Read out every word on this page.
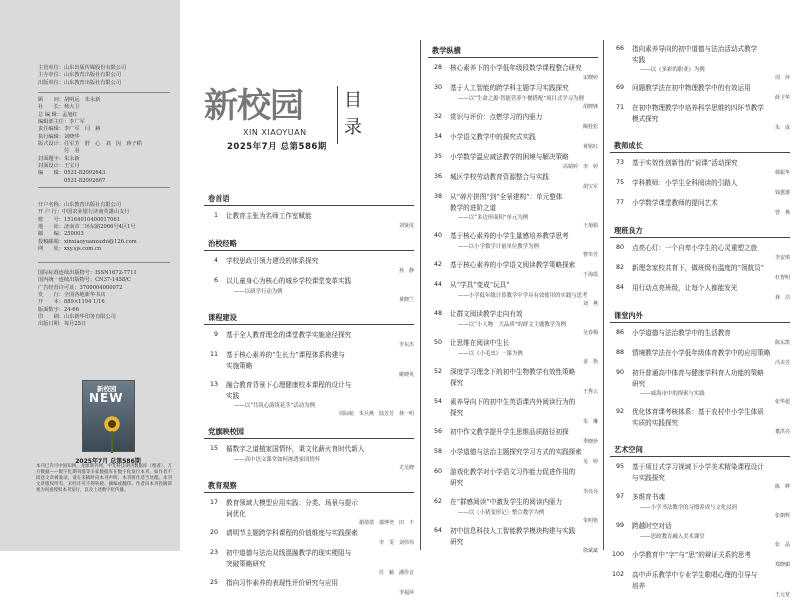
主管单位：山东出版传媒股份有限公司
主办单位：山东教育出版社有限公司
出版单位：山东教育出版社有限公司
顾　　问：胡明远　朱永新
社　　长：杨大卫
总 编 辑：孟旭红
编辑部主任：李广军
责任编辑：李广军　闫　赫
执行编辑：刘晓华
版式设计：任军芳　舒　心　刘　因　蒋子稻
　　　　　付　羽
封面题字：朱永新
封面设计：王宝月
编　　辑：0531-82092643
　　　　　0531-82092667
开户名称：山东教育出版社有限公司
开 户 行：中国农业银行济南英雄山支行
账　　号：15164010400017061
地　　址：济南市二环东路2066号4区1号
邮　　编：250003
投稿邮箱：xinxiaoyuanzazhi@126.com
网　　址：xxy.sjs.com.cn
国际标准连续出版物号：ISSN1672-7711
国内统一连续出版物号：CN37-1458/C
广告经营许可证：3700004000072
发　　行：全国各地新华书店
开　　本：889×1194 1/16
版面数字：24-66
印　　刷：山东新华印务有限公司
出版日期：每月25日
新校园
NEW
2025年7月 总第586期
本刊已许可中国知网、龙源期刊网、中文科技期刊数据库（维普）、万方数据——数字化期刊群等多家数据库在数字化发行本刊，如作者不同意文章被收录，请在来稿时向本刊声明，本刊将作适当处理。本刊文章版权所有，未经许可不得转载、摘编或翻印。作者向本刊投稿即视为同意授权本刊发行，以及上述数字化传播。
新校园
XIN XIAOYUAN
2025年7月 总第586期
目
录
卷首语
1 让教育主张为名师工作室赋能
刘贤虎
治校经略
4 学校思政引领力建设的体系探究
孙　静
6 以儿童身心为核心的城乡学校课堂变革实践
——以研学行动为例
黄晓兰
课程建设
9 基于全人教育理念的课堂教学实施途径探究
李东杰
11 基于核心素养的“生长力”课程体系构建与
实施策略
姚晓英
13 融合教育背景下心理健康校本课程的设计与
实践
——以“共筑心韵筑花茎”活动为例
周际航　朱兵燕　陆芳芳　林一明
党旗映校园
15 循数字之道植家国情怀，秉文化薪火育时代新人
——高中语文课堂如何渗透家国情怀
尤吴晓
教育观察
17 教育领域大模型应用实践：分类、场景与提示
词优化
谢倩倩　郁博尧　田　丰
20 请明节主题跨学科课程的价值维度与实践探索
李　雯　刘伟伟
23 初中道德与法治双线混融教学的现实梗阻与
突破策略研究
任　颖　潘佳音
25 指向习作素养的表现性评价研究与应用
李福萍
教学纵横
28 核心素养下的小学低年级段数学课程整合研究
宋晓婷
30 基于人工智能的跨学科主题学习实践探究
——以“生命之源·智能营养午餐搭配”项目式学习为例
胡晓锋
32 赏识与评价：点燃学习的内驱力
陶桂松
34 小学语文教学中的探究式实践
黄铭红
35 小学数学温应减法教学的困境与解决策略
高婧婷　李　婷
36 城区学校劳动教育资源整合与实践
胡宝军
38 从“碎片拼图”到“全景建构”：单元整体
教学的进阶之道
——以“多边形面积”单元为例
王菊娟
40 基于核心素养的小学生量感培养教学思考
——以小学数学计量单位教学为例
曹奉芳
42 基于核心素养的小学语文阅读教学策略探索
于海霞
44 从“学具”变成“玩具”
——小学低年级计算教学中学具有效使用的实践与思考
刘　燕
48 让群文阅读教学走向有效
——以“小人物　大品质”的群文主题教学为例
吴春梅
50 让思维在阅读中生长
——以《小毛虫》一课为例
姜　艳
52 深度学习理念下的初中生物教学有效性策略
探究
王秀云
54 素养导向下的初中生英语课内外阅读行为的
探究
朱　琳
56 初中作文教学提升学生思维品质路径初探
季晓珍
58 小学道德与法治主题探究学习方式的实践探索
吴　婷
60 游戏化教学对小学语文习作能力促进作用的
研究
李亮亮
62 在“群感阅读”中激发学生的阅读内驱力
——以（小猪变形记）整合教学为例
朱明艳
64 初中信息科技人工智能教学模块构建与实践
研究
徐斌斌
66 指向素养导向的初中道德与法治活动式教学
实践
——以《多彩的职业》为例
周　萍
69 问题教学法在初中物理教学中的有效运用
薛卫华
71 在初中物理教学中培养科学思维的四环节教学
模式探究
朱　成
教师成长
73 基于实效性创新性的“说课”活动探究
韩振华
75 学科教师：小学生全科阅读的引路人
钱蕙蕙
77 小学数学课堂教师的提问艺术
曾　燕
理班良方
80 点亮心灯：一个自卑小学生的心灵重塑之旅
李安琪
82 新理念家校共育下，做班级有温度的“领航员”
杜智明
84 用行动点亮班级，让每个人都能发光
林　洁
课堂内外
86 小学道德与法治教学中的生活教育
陈东凯
88 情境教学法在小学低年级体育教学中的应用策略
冯美芳
90 初升普通高中体育与健康学科育人功能的策略
研究
——威海市中的探索与实践
张华超
92 优化体育课考核体系：基于农村中小学生体质
实质的实践探究
董洪亮
艺术空间
95 基于项目式学习视域下小学美术精染课程设计
与实践探究
陈　晔
97 多维育书魂
——小学书法教学的习惯养成与文化浸润
张朝辉
99 跨越时空对话
——思政教育融入美术课堂
张　晶
100 小学教育中“字”与“思”的辩证关系的思考
郑晓媚
102 高中声乐教学中专业学生歌唱心理的引导与
培养
王元宽
